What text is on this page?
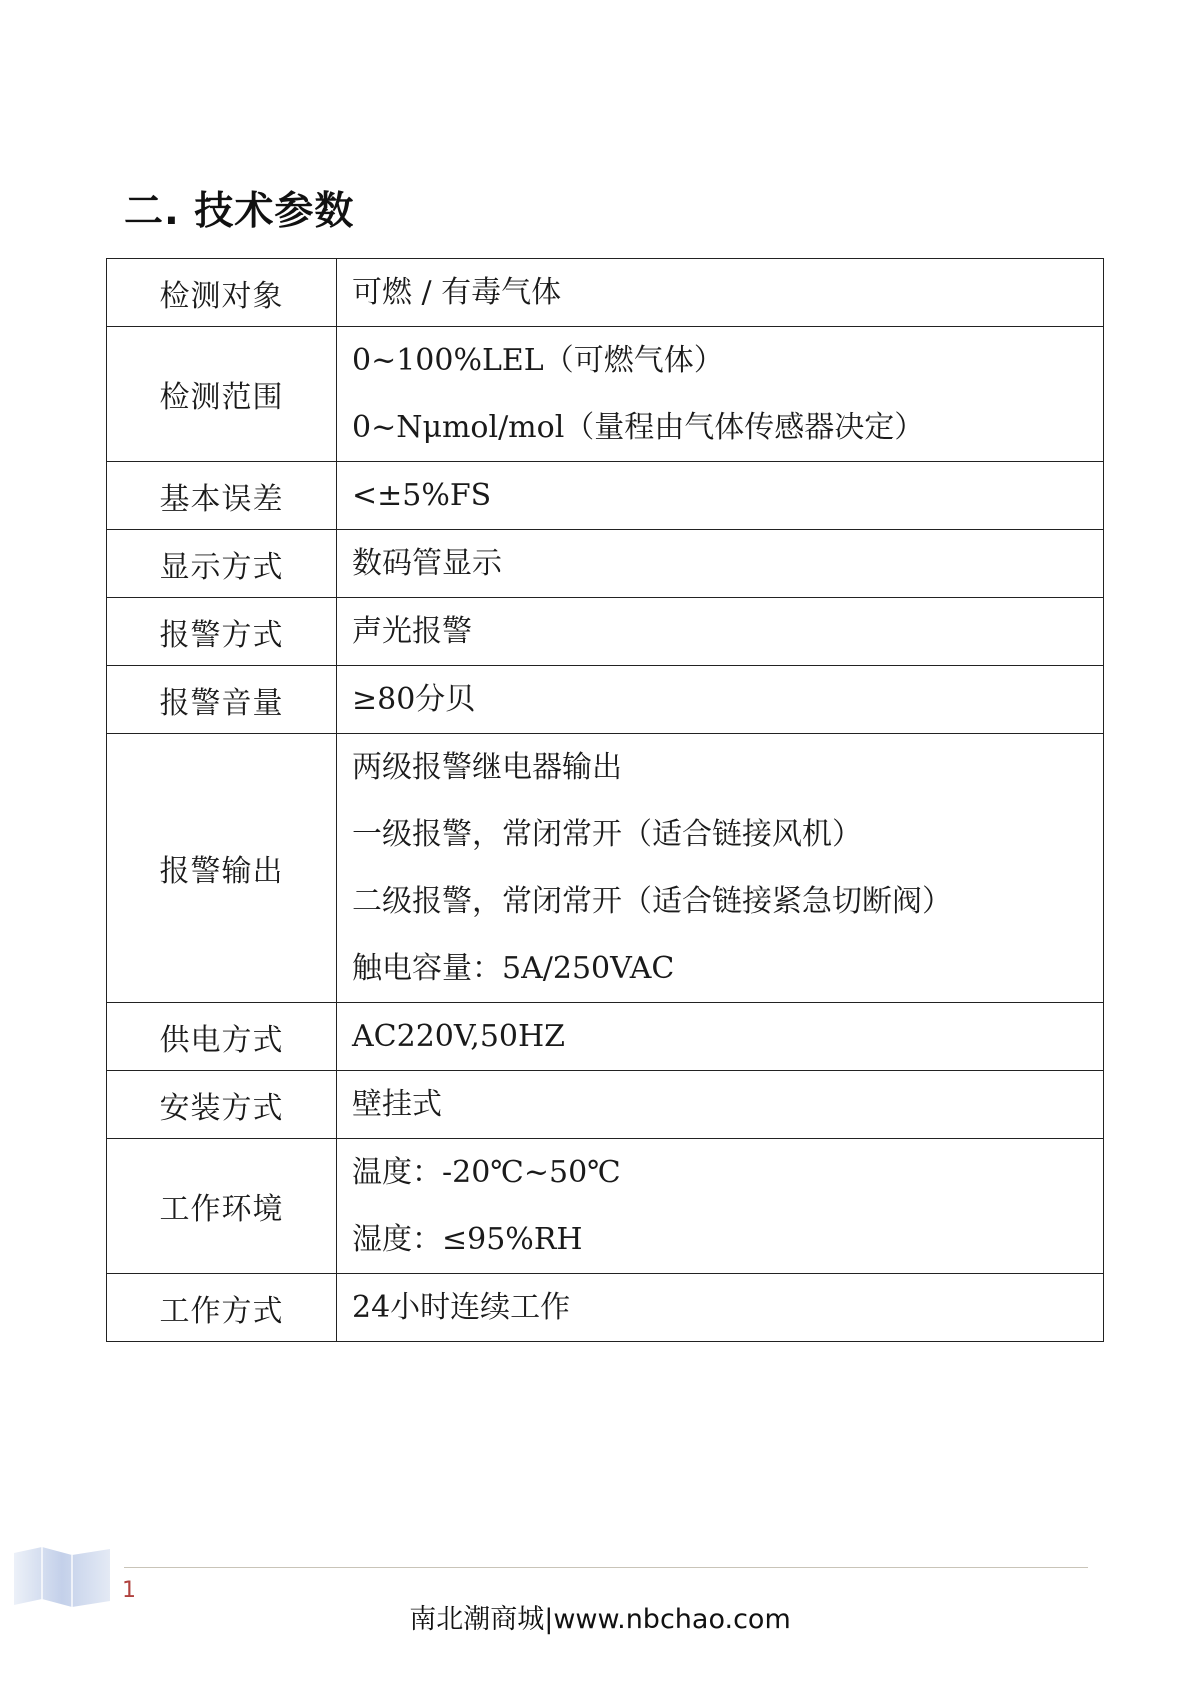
二. 技术参数
检测对象	可燃 / 有毒气体

检测范围	0~100%LEL（可燃气体）
0~Nμmol/mol（量程由气体传感器决定）

基本误差	<±5%FS

显示方式	数码管显示

报警方式	声光报警

报警音量	≥80分贝

报警输出	两级报警继电器输出
一级报警，常闭常开（适合链接风机）
二级报警，常闭常开（适合链接紧急切断阀）
触电容量：5A/250VAC

供电方式	AC220V,50HZ

安装方式	壁挂式

工作环境	温度：-20℃~50℃
湿度：≤95%RH

工作方式	24小时连续工作
1
南北潮商城|www.nbchao.com
